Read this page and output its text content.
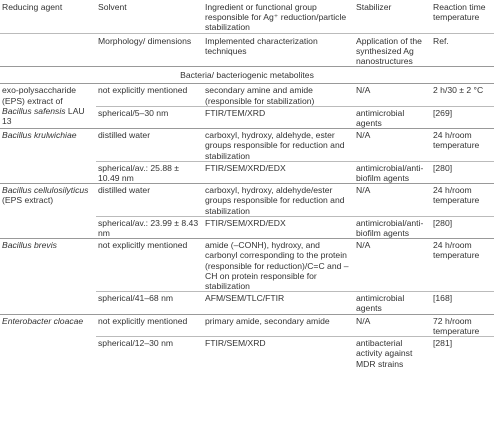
Reducing agent	Solvent	Ingredient or functional group responsible for Ag⁺ reduction/particle stabilization	Stabilizer	Reaction time temperature
	Morphology/ dimensions	Implemented characterization techniques	Application of the synthesized Ag nanostructures	Ref.
Bacteria/ bacteriogenic metabolites				
exo-polysaccharide (EPS) extract of Bacillus safensis LAU 13	not explicitly mentioned	secondary amine and amide (responsible for stabilization)	N/A	2 h/30 ± 2 °C
	spherical/5–30 nm	FTIR/TEM/XRD	antimicrobial agents	[269]
Bacillus krulwichiae	distilled water	carboxyl, hydroxy, aldehyde, ester groups responsible for reduction and stabilization	N/A	24 h/room temperature
	spherical/av.: 25.88 ± 10.49 nm	FTIR/SEM/XRD/EDX	antimicrobial/anti-biofilm agents	[280]
Bacillus cellulosilyticus (EPS extract)	distilled water	carboxyl, hydroxy, aldehyde/ester groups responsible for reduction and stabilization	N/A	24 h/room temperature
	spherical/av.: 23.99 ± 8.43 nm	FTIR/SEM/XRD/EDX	antimicrobial/anti-biofilm agents	[280]
Bacillus brevis	not explicitly mentioned	amide (–CONH), hydroxy, and carbonyl corresponding to the protein (responsible for reduction)/C=C and –CH on protein responsible for stabilization	N/A	24 h/room temperature
	spherical/41–68 nm	AFM/SEM/TLC/FTIR	antimicrobial agents	[168]
Enterobacter cloacae	not explicitly mentioned	primary amide, secondary amide	N/A	72 h/room temperature
	spherical/12–30 nm	FTIR/SEM/XRD	antibacterial activity against MDR strains	[281]
